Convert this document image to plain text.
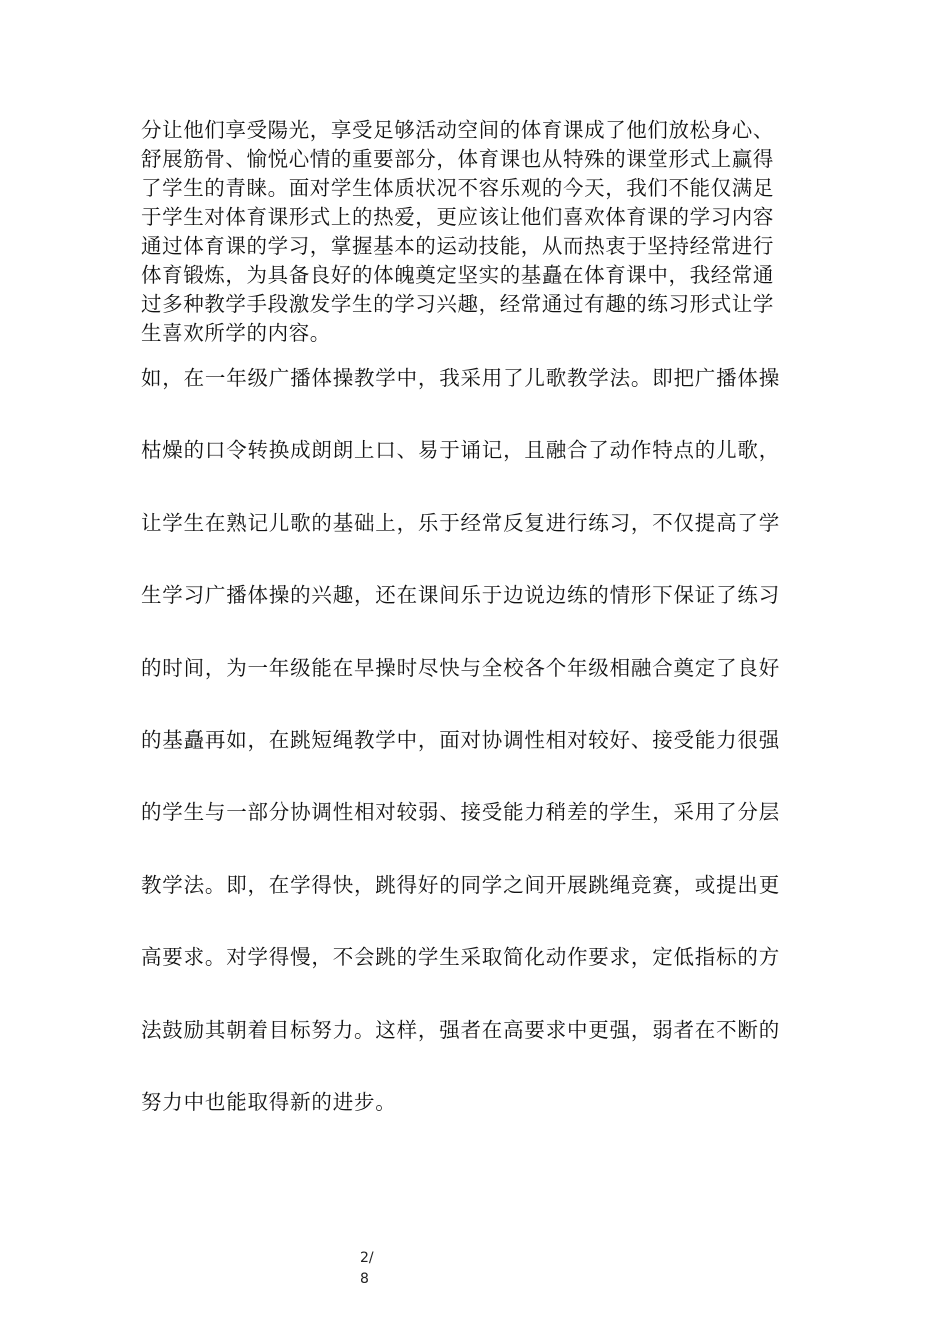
分让他们享受陽光，享受足够活动空间的体育课成了他们放松身心、
舒展筋骨、愉悦心情的重要部分，体育课也从特殊的课堂形式上赢得
了学生的青睐。面对学生体质状况不容乐观的今天，我们不能仅满足
于学生对体育课形式上的热爱，更应该让他们喜欢体育课的学习内容
通过体育课的学习，掌握基本的运动技能，从而热衷于坚持经常进行
体育锻炼，为具备良好的体魄奠定坚实的基矗在体育课中，我经常通
过多种教学手段激发学生的学习兴趣，经常通过有趣的练习形式让学
生喜欢所学的内容。
如，在一年级广播体操教学中，我采用了儿歌教学法。即把广播体操
枯燥的口令转换成朗朗上口、易于诵记，且融合了动作特点的儿歌，
让学生在熟记儿歌的基础上，乐于经常反复进行练习，不仅提高了学
生学习广播体操的兴趣，还在课间乐于边说边练的情形下保证了练习
的时间，为一年级能在早操时尽快与全校各个年级相融合奠定了良好
的基矗再如，在跳短绳教学中，面对协调性相对较好、接受能力很强
的学生与一部分协调性相对较弱、接受能力稍差的学生，采用了分层
教学法。即，在学得快，跳得好的同学之间开展跳绳竞赛，或提出更
高要求。对学得慢，不会跳的学生采取简化动作要求，定低指标的方
法鼓励其朝着目标努力。这样，强者在高要求中更强，弱者在不断的
努力中也能取得新的进步。
2/
8
